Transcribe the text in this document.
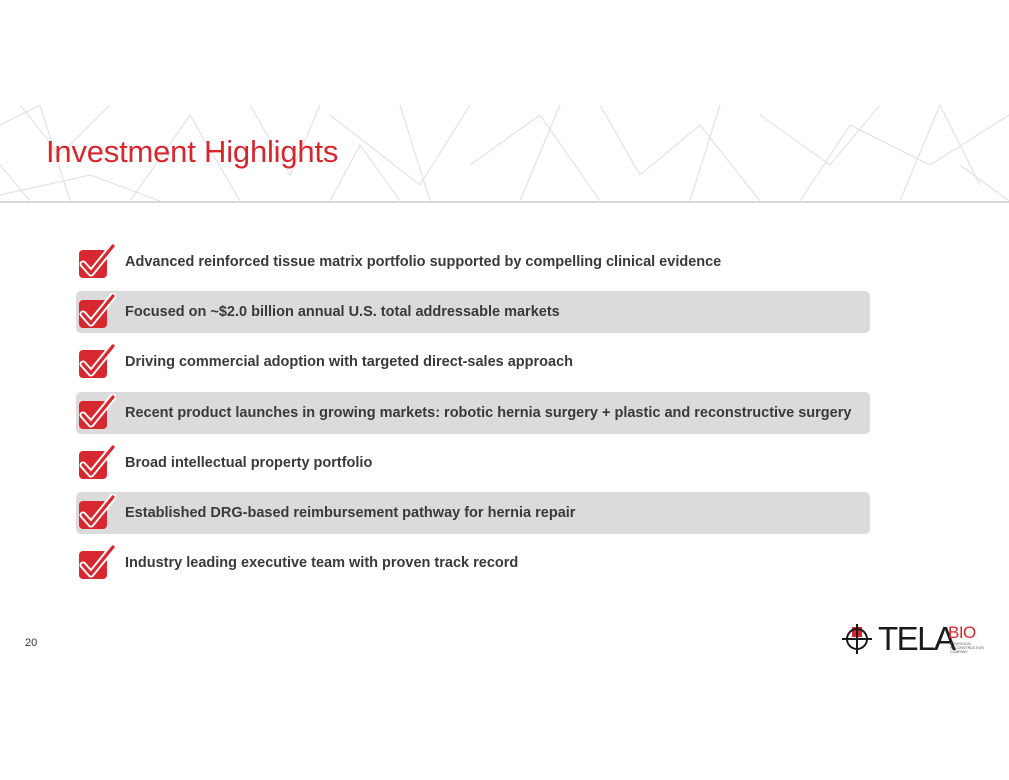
Investment Highlights
Advanced reinforced tissue matrix portfolio supported by compelling clinical evidence
Focused on ~$2.0 billion annual U.S. total addressable markets
Driving commercial adoption with targeted direct-sales approach
Recent product launches in growing markets: robotic hernia surgery + plastic and reconstructive surgery
Broad intellectual property portfolio
Established DRG-based reimbursement pathway for hernia repair
Industry leading executive team with proven track record
20	TELA
BIO
A SURGICAL RECONSTRUCTION COMPANY
